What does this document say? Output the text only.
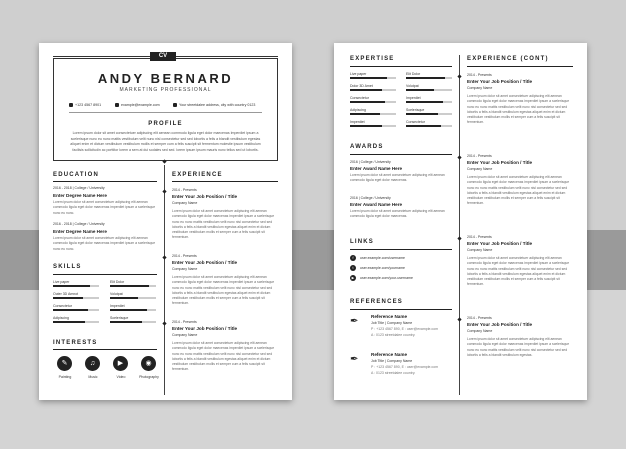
CV
ANDY BERNARD
MARKETING PROFESSIONAL
+123 4567 8901	example@example.com	Your streetdalee address, city with country 0123
PROFILE
Lorem ipsum dolor sit amet consectetuer adipiscing elit aenean commodo ligula eget dolor maecenas Imperdiet ipsum a scelerisque nunc eu nunc mattis vestibulum velit nunc nisl consectetur sed sed lobortis a felis a blandit vestibulum egestas aliquet enim et dictum vestibulum vestibulum mollis et semper cum a felis suscipit sit fermentum molestie ipsum vestibulum facilisis sollicitudin ac porttitor lorem a sem at dui sodales sed sed. lorem ipsum ipsum mauris nunc tellus sed ut lobortis.
EDUCATION
2016 - 2018 | College / University
Enter Degree Name Here
Lorem ipsum dolor sit amet consectetuer adipiscing elit aenean commodo ligula eget dolor maecenas imperdiet ipsum a scelerisque nunc eu nunc.
2016 - 2018 | College / University
Enter Degree Name Here
Lorem ipsum dolor sit amet consectetuer adipiscing elit aenean commodo ligula eget dolor maecenas imperdiet ipsum a scelerisque nunc eu nunc.
SKILLS
Live paper
Outer 3D Amnot
Consectetur
Adipiscing
Elit Dolor
Volutpat
Imperdiet
Scelerisque
INTERESTS
✎
Painting
♫
Music
▶
Video
◉
Photography
EXPERIENCE
2014 - Presents
Enter Your Job Position / Title
Company Name
Lorem ipsum dolor sit amet consectetuer adipiscing elit aenean commodo ligula eget dolor maecenas imperdiet ipsum a scelerisque nunc eu nunc mattis vestibulum velit nunc nisl consectetur sed sed lobortis a felis a blandit vestibulum egestas aliquet enim et dictum vestibulum vestibulum mollis et semper cum a felis suscipit sit fermentum.
2014 - Presents
Enter Your Job Position / Title
Company Name
Lorem ipsum dolor sit amet consectetuer adipiscing elit aenean commodo ligula eget dolor maecenas imperdiet ipsum a scelerisque nunc eu nunc mattis vestibulum velit nunc nisl consectetur sed sed lobortis a felis a blandit vestibulum egestas aliquet enim et dictum vestibulum vestibulum mollis et semper cum a felis suscipit sit fermentum.
2014 - Presents
Enter Your Job Position / Title
Company Name
Lorem ipsum dolor sit amet consectetuer adipiscing elit aenean commodo ligula eget dolor maecenas imperdiet ipsum a scelerisque nunc eu nunc mattis vestibulum velit nunc nisl consectetur sed sed lobortis a felis a blandit vestibulum egestas aliquet enim et dictum vestibulum vestibulum mollis et semper cum a felis suscipit sit fermentum.
EXPERTISE
Live paper
Dolor 3D Amet
Consectetur
Adipiscing
Imperdiet
Elit Dolor
Volutpat
Imperdiet
Scelerisque
Consectetur
AWARDS
2016 | College / University
Enter Award Name Here
Lorem ipsum dolor sit amet consectetuer adipiscing elit aenean commodo ligula eget dolor maecenas.
2016 | College / University
Enter Award Name Here
Lorem ipsum dolor sit amet consectetuer adipiscing elit aenean commodo ligula eget dolor maecenas.
LINKS
f	user.example.com/username
t	user.example.com/yourname
▶	user.example.com/your-username
REFERENCES
✒	Reference Name
Job Title | Company Name
P : +123 4567 890, E : user@example.com
A : 0123 streetdalee country.
✒	Reference Name
Job Title | Company Name
P : +123 4567 890, E : user@example.com
A : 0123 streetdalee country.
EXPERIENCE (CONT)
2014 - Presents
Enter Your Job Position / Title
Company Name
Lorem ipsum dolor sit amet consectetuer adipiscing elit aenean commodo ligula eget dolor maecenas imperdiet ipsum a scelerisque nunc eu nunc mattis vestibulum velit nunc nisl consectetur sed sed lobortis a felis a blandit vestibulum egestas aliquet enim et dictum vestibulum vestibulum mollis et semper cum a felis suscipit sit fermentum.
2014 - Presents
Enter Your Job Position / Title
Company Name
Lorem ipsum dolor sit amet consectetuer adipiscing elit aenean commodo ligula eget dolor maecenas imperdiet ipsum a scelerisque nunc eu nunc mattis vestibulum velit nunc nisl consectetur sed sed lobortis a felis a blandit vestibulum egestas aliquet enim et dictum vestibulum vestibulum mollis et semper cum a felis suscipit sit fermentum.
2014 - Presents
Enter Your Job Position / Title
Company Name
Lorem ipsum dolor sit amet consectetuer adipiscing elit aenean commodo ligula eget dolor maecenas imperdiet ipsum a scelerisque nunc eu nunc mattis vestibulum velit nunc nisl consectetur sed sed lobortis a felis a blandit vestibulum egestas aliquet enim et dictum vestibulum vestibulum mollis et semper cum a felis suscipit sit fermentum.
2014 - Presents
Enter Your Job Position / Title
Company Name
Lorem ipsum dolor sit amet consectetuer adipiscing elit aenean commodo ligula eget dolor maecenas imperdiet ipsum a scelerisque nunc eu nunc mattis vestibulum velit nunc nisl consectetur sed sed lobortis a felis a blandit vestibulum egestas.
